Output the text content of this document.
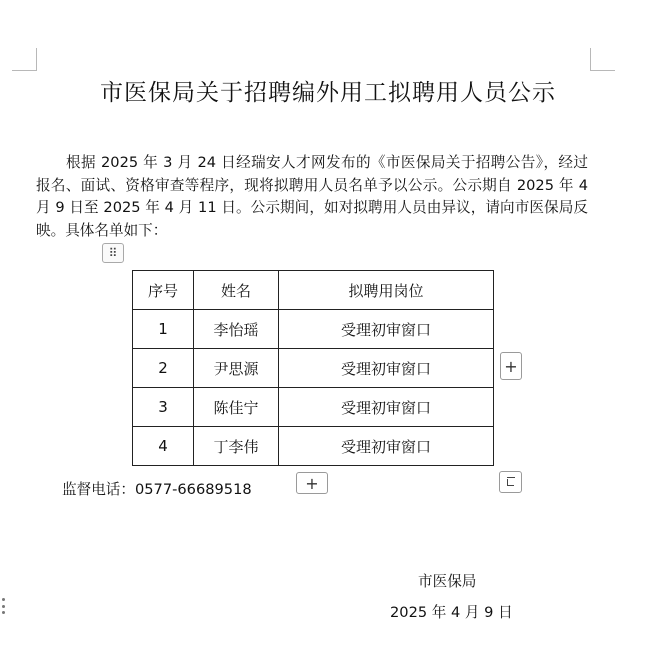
市医保局关于招聘编外用工拟聘用人员公示

根据 2025 年 3 月 24 日经瑞安人才网发布的《市医保局关于招聘公告》，经过报名、面试、资格审查等程序，现将拟聘用人员名单予以公示。公示期自 2025 年 4 月 9 日至 2025 年 4 月 11 日。公示期间，如对拟聘用人员由异议，请向市医保局反映。具体名单如下：

⠿
序号	姓名	拟聘用岗位
1	李怡瑶	受理初审窗口
2	尹思源	受理初审窗口
3	陈佳宁	受理初审窗口
4	丁李伟	受理初审窗口
+
+
监督电话：0577-66689518
市医保局
2025 年 4 月 9 日
